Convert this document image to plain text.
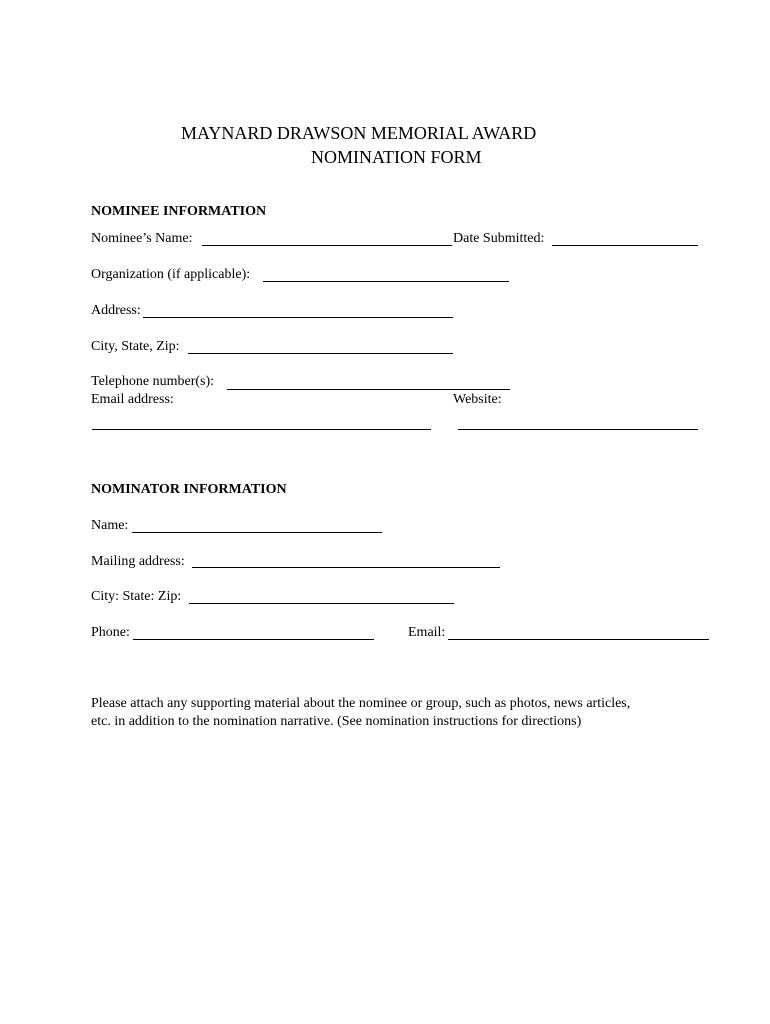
MAYNARD DRAWSON MEMORIAL AWARD
NOMINATION FORM
NOMINEE INFORMATION
Nominee’s Name:	Date Submitted:
Organization (if applicable):
Address:
City, State, Zip:
Telephone number(s):
Email address:	Website:
NOMINATOR INFORMATION
Name:
Mailing address:
City: State: Zip:
Phone:	Email:
Please attach any supporting material about the nominee or group, such as photos, news articles,
etc. in addition to the nomination narrative. (See nomination instructions for directions)
